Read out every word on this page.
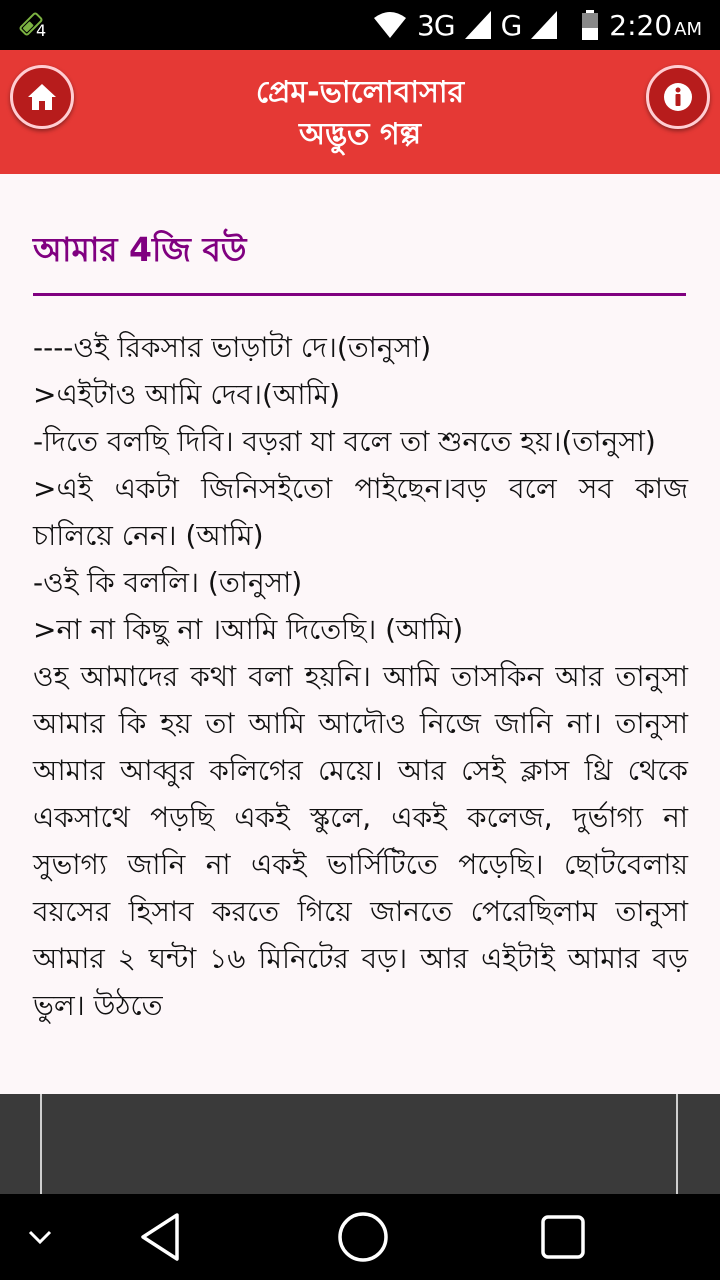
4	3G G	2:20 AM
প্রেম-ভালোবাসার
অদ্ভুত গল্প
আমার 4জি বউ

----ওই রিকসার ভাড়াটা দে।(তানুসা)

>এইটাও আমি দেব।(আমি)

-দিতে বলছি দিবি। বড়রা যা বলে তা শুনতে হয়।(তানুসা)

>এই একটা জিনিসইতো পাইছেন।বড় বলে সব কাজ চালিয়ে নেন। (আমি)

-ওই কি বললি। (তানুসা)

>না না কিছু না ।আমি দিতেছি। (আমি)

ওহ আমাদের কথা বলা হয়নি। আমি তাসকিন আর তানুসা আমার কি হয় তা আমি আদৌও নিজে জানি না। তানুসা আমার আব্বুর কলিগের মেয়ে। আর সেই ক্লাস থ্রি থেকে একসাথে পড়ছি একই স্কুলে, একই কলেজ, দুর্ভাগ্য না সুভাগ্য জানি না একই ভার্সিটিতে পড়েছি। ছোটবেলায় বয়সের হিসাব করতে গিয়ে জানতে পেরেছিলাম তানুসা আমার ২ ঘন্টা ১৬ মিনিটের বড়। আর এইটাই আমার বড় ভুল। উঠতে
